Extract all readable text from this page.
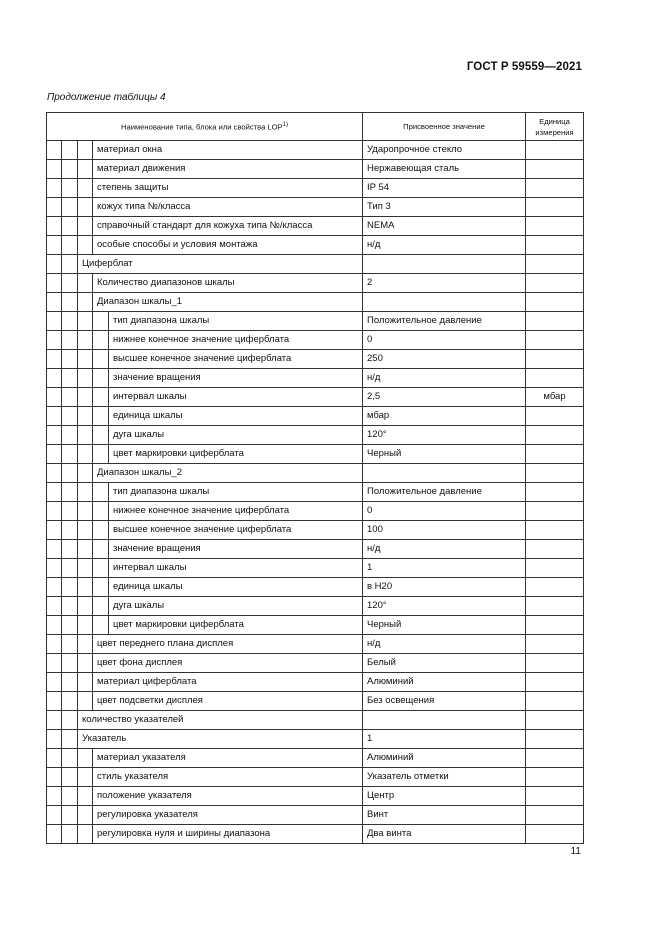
ГОСТ Р 59559—2021
Продолжение таблицы 4
Наименование типа, блока или свойства LOP$^{1)}$					Присвоенное значение	Единица измерения
			материал окна		Ударопрочное стекло	
			материал движения		Нержавеющая сталь	
			степень защиты		IP 54	
			кожух типа №/класса		Тип 3	
			справочный стандарт для кожуха типа №/класса		NEMA	
			особые способы и условия монтажа		н/д	
		Циферблат				
			Количество диапазонов шкалы		2	
			Диапазон шкалы_1			
				тип диапазона шкалы	Положительное давление	
				нижнее конечное значение циферблата	0	
				высшее конечное значение циферблата	250	
				значение вращения	н/д	
				интервал шкалы	2,5	мбар
				единица шкалы	мбар	
				дуга шкалы	120°	
				цвет маркировки циферблата	Черный	
			Диапазон шкалы_2			
				тип диапазона шкалы	Положительное давление	
				нижнее конечное значение циферблата	0	
				высшее конечное значение циферблата	100	
				значение вращения	н/д	
				интервал шкалы	1	
				единица шкалы	в H20	
				дуга шкалы	120°	
				цвет маркировки циферблата	Черный	
			цвет переднего плана дисплея		н/д	
			цвет фона дисплея		Белый	
			материал циферблата		Алюминий	
			цвет подсветки дисплея		Без освещения	
		количество указателей				
		Указатель			1	
			материал указателя		Алюминий	
			стиль указателя		Указатель отметки	
			положение указателя		Центр	
			регулировка указателя		Винт	
			регулировка нуля и ширины диапазона		Два винта	
11
